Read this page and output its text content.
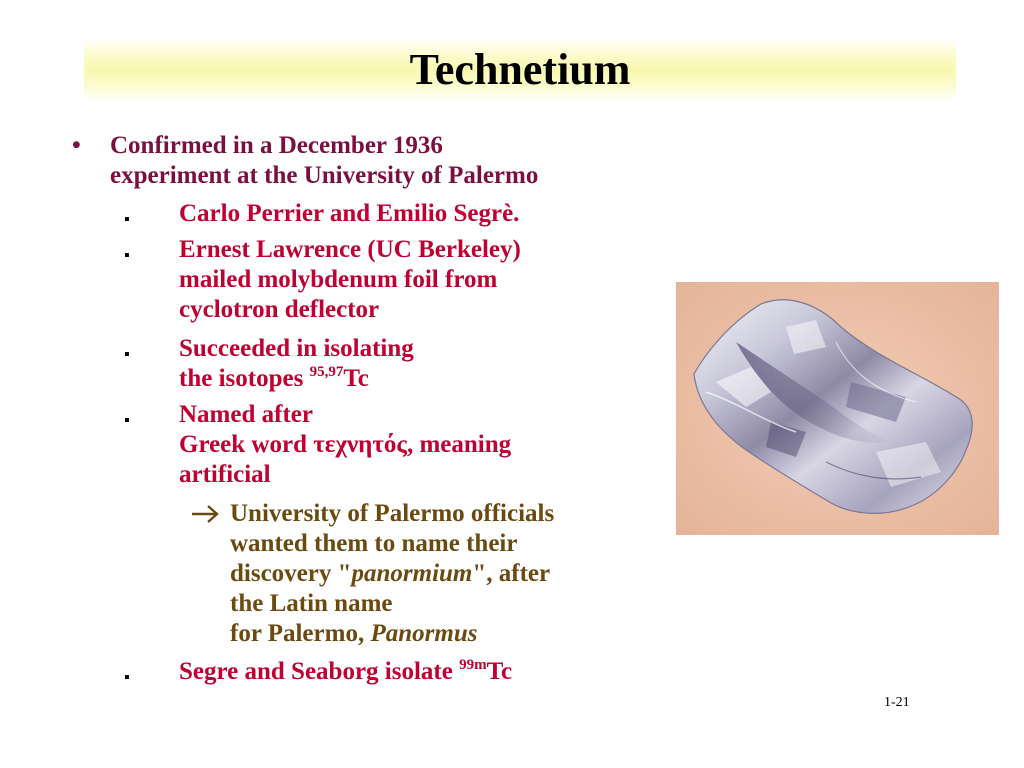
Technetium
• Confirmed in a December 1936
experiment at the University of Palermo
▪ Carlo Perrier and Emilio Segrè.
▪ Ernest Lawrence (UC Berkeley)
mailed molybdenum foil from
cyclotron deflector
▪ Succeeded in isolating
the isotopes $^{95,97}$Tc
▪ Named after
Greek word τεχνητός, meaning
artificial
University of Palermo officials
wanted them to name their
discovery "panormium", after
the Latin name
for Palermo, Panormus
▪ Segre and Seaborg isolate $^{99m}$Tc
1-21
